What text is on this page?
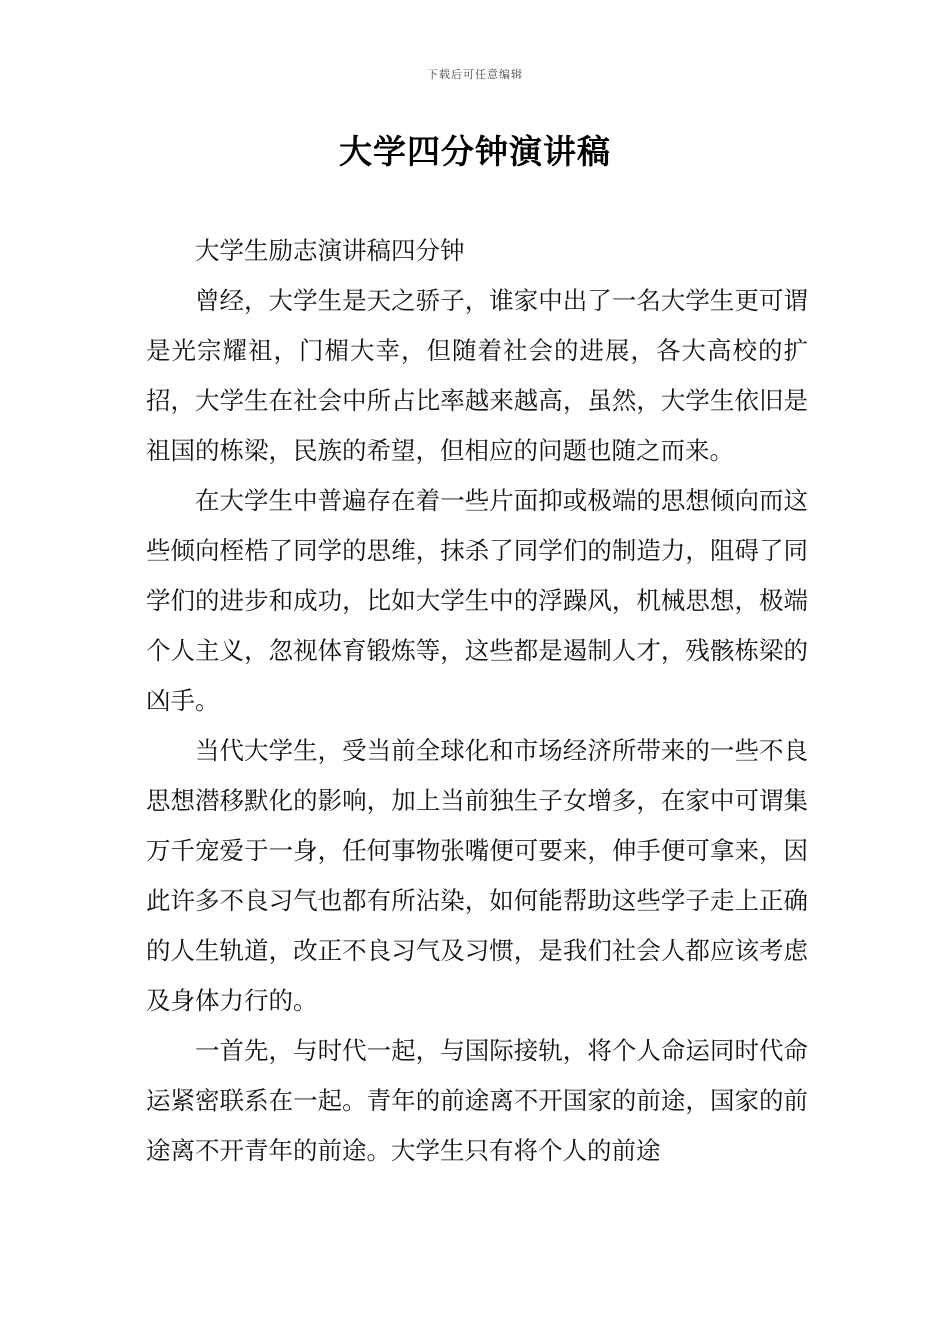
下载后可任意编辑
大学四分钟演讲稿

大学生励志演讲稿四分钟

曾经，大学生是天之骄子，谁家中出了一名大学生更可谓是光宗耀祖，门楣大幸，但随着社会的进展，各大高校的扩招，大学生在社会中所占比率越来越高，虽然，大学生依旧是祖国的栋梁，民族的希望，但相应的问题也随之而来。

在大学生中普遍存在着一些片面抑或极端的思想倾向而这些倾向桎梏了同学的思维，抹杀了同学们的制造力，阻碍了同学们的进步和成功，比如大学生中的浮躁风，机械思想，极端个人主义，忽视体育锻炼等，这些都是遏制人才，残骸栋梁的凶手。

当代大学生，受当前全球化和市场经济所带来的一些不良思想潜移默化的影响，加上当前独生子女增多，在家中可谓集万千宠爱于一身，任何事物张嘴便可要来，伸手便可拿来，因此许多不良习气也都有所沾染，如何能帮助这些学子走上正确的人生轨道，改正不良习气及习惯，是我们社会人都应该考虑及身体力行的。

一首先，与时代一起，与国际接轨，将个人命运同时代命运紧密联系在一起。青年的前途离不开国家的前途，国家的前途离不开青年的前途。大学生只有将个人的前途
